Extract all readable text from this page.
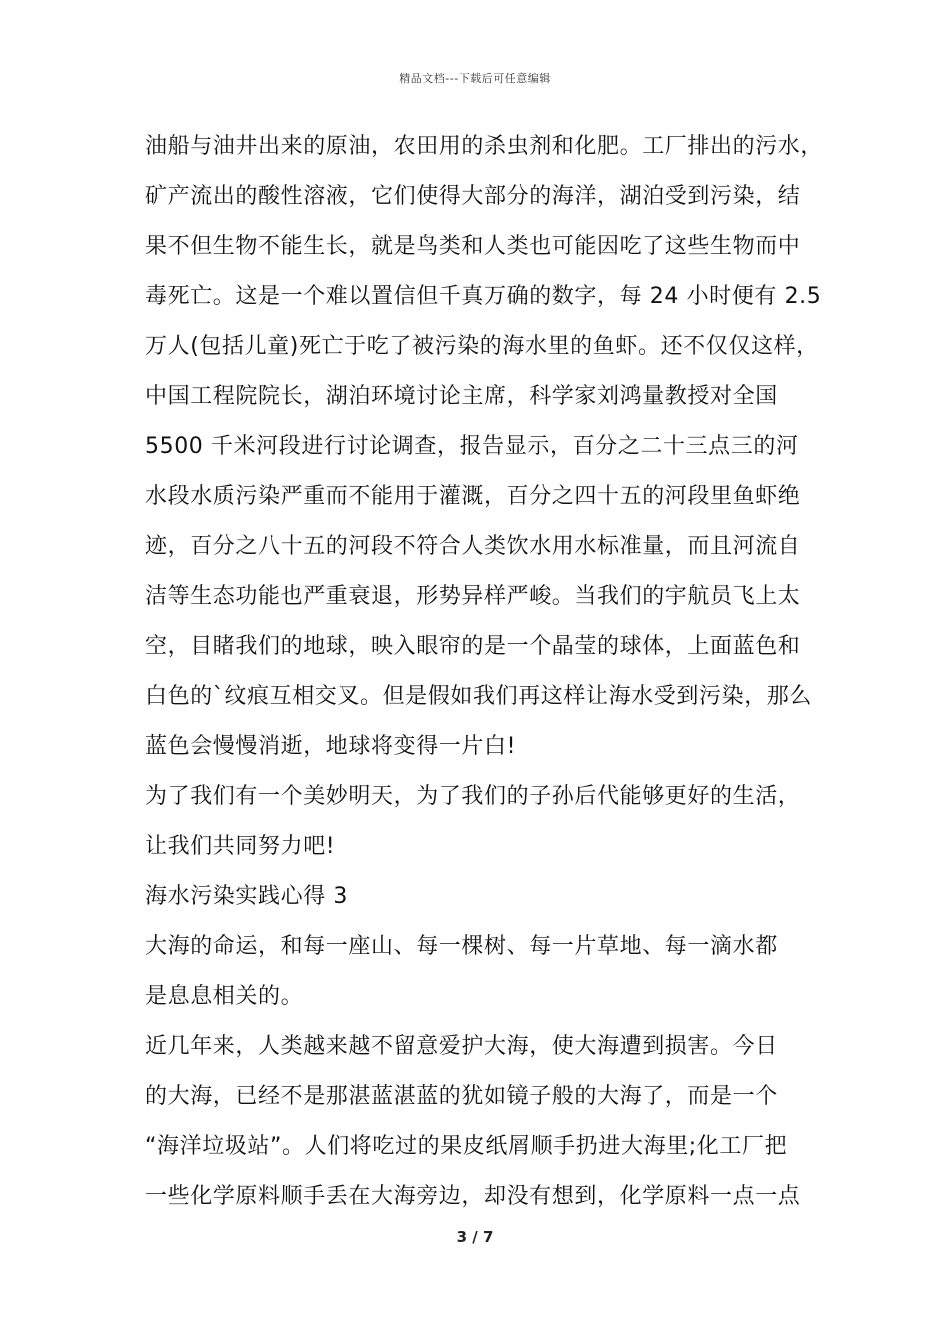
精品文档---下载后可任意编辑
油船与油井出来的原油，农田用的杀虫剂和化肥。工厂排出的污水，
矿产流出的酸性溶液，它们使得大部分的海洋，湖泊受到污染，结
果不但生物不能生长，就是鸟类和人类也可能因吃了这些生物而中
毒死亡。这是一个难以置信但千真万确的数字，每 24 小时便有 2.5
万人(包括儿童)死亡于吃了被污染的海水里的鱼虾。还不仅仅这样，
中国工程院院长，湖泊环境讨论主席，科学家刘鸿量教授对全国
5500 千米河段进行讨论调查，报告显示，百分之二十三点三的河
水段水质污染严重而不能用于灌溉，百分之四十五的河段里鱼虾绝
迹，百分之八十五的河段不符合人类饮水用水标准量，而且河流自
洁等生态功能也严重衰退，形势异样严峻。当我们的宇航员飞上太
空，目睹我们的地球，映入眼帘的是一个晶莹的球体，上面蓝色和
白色的`纹痕互相交叉。但是假如我们再这样让海水受到污染，那么
蓝色会慢慢消逝，地球将变得一片白!
为了我们有一个美妙明天，为了我们的子孙后代能够更好的生活，
让我们共同努力吧!
海水污染实践心得 3
大海的命运，和每一座山、每一棵树、每一片草地、每一滴水都
是息息相关的。
近几年来，人类越来越不留意爱护大海，使大海遭到损害。今日
的大海，已经不是那湛蓝湛蓝的犹如镜子般的大海了，而是一个
“海洋垃圾站”。人们将吃过的果皮纸屑顺手扔进大海里;化工厂把
一些化学原料顺手丢在大海旁边，却没有想到，化学原料一点一点
3 / 7
